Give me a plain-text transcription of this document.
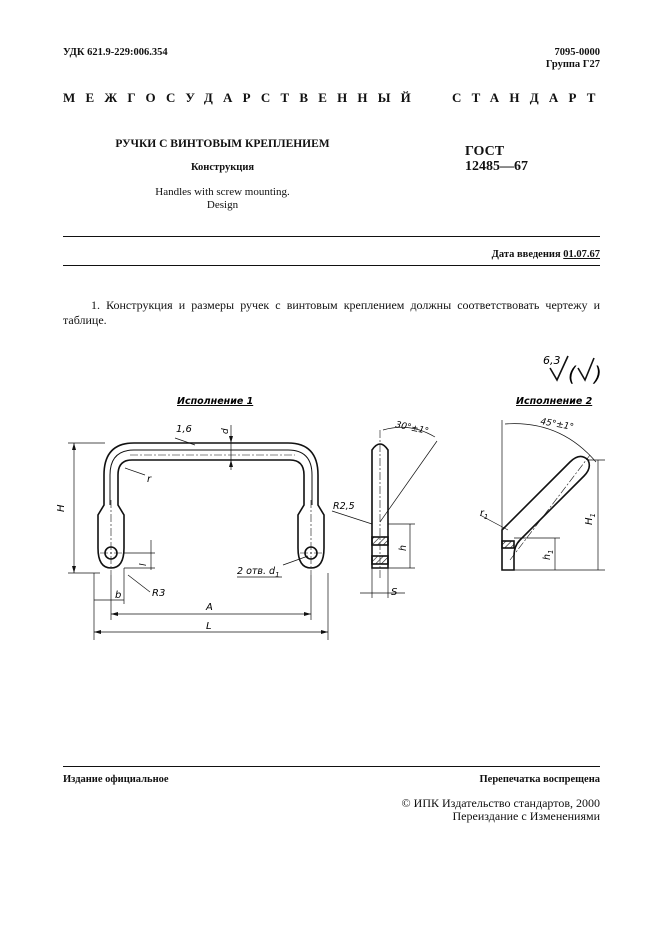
УДК 621.9-229:006.354	7095-0000
Группа Г27
МЕЖГОСУДАРСТВЕННЫЙ СТАНДАРТ
РУЧКИ С ВИНТОВЫМ КРЕПЛЕНИЕМ
Конструкция
Handles with screw mounting.
Design
ГОСТ
12485—67
Дата введения 01.07.67
1. Конструкция и размеры ручек с винтовым креплением должны соответствовать чертежу и таблице.
6,3
( )
Исполнение 1	Исполнение 2
H
1,6	d
r
l
b	R3
A
L
2 отв. $d_1$
30°±1°
R2,5
h
S
45°±1°
$r_1$
$H_1$
$h_1$
Издание официальное	Перепечатка воспрещена
© ИПК Издательство стандартов, 2000
Переиздание с Изменениями
